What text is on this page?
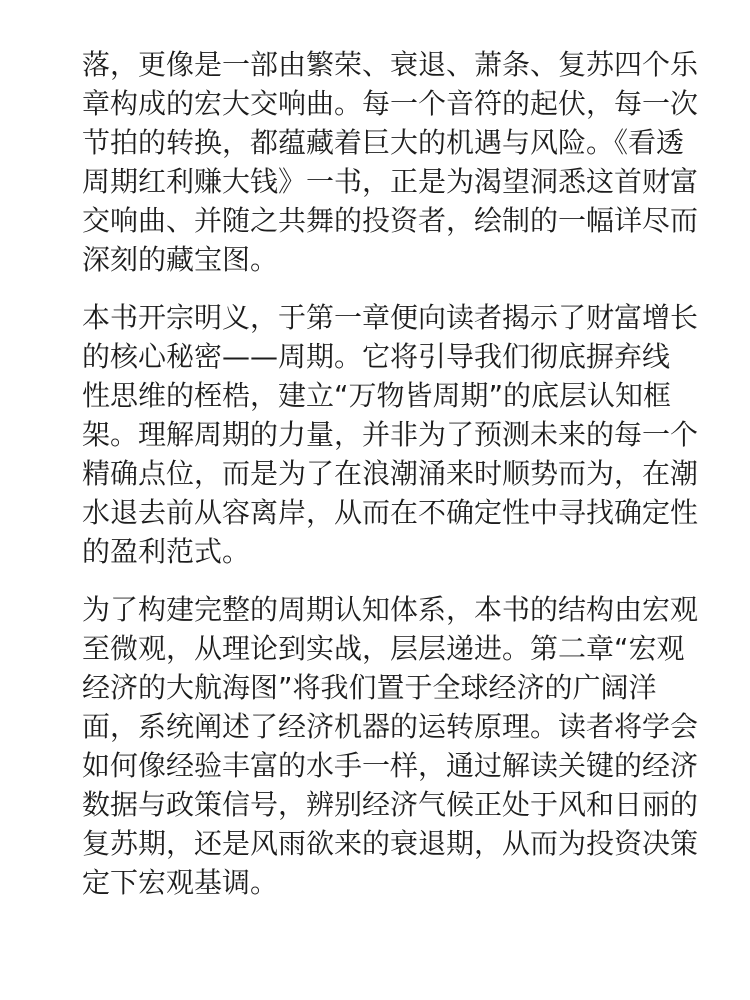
落，更像是一部由繁荣、衰退、萧条、复苏四个乐
章构成的宏大交响曲。每一个音符的起伏，每一次
节拍的转换，都蕴藏着巨大的机遇与风险。《看透
周期红利赚大钱》一书，正是为渴望洞悉这首财富
交响曲、并随之共舞的投资者，绘制的一幅详尽而
深刻的藏宝图。

本书开宗明义，于第一章便向读者揭示了财富增长
的核心秘密——周期。它将引导我们彻底摒弃线
性思维的桎梏，建立“万物皆周期”的底层认知框
架。理解周期的力量，并非为了预测未来的每一个
精确点位，而是为了在浪潮涌来时顺势而为，在潮
水退去前从容离岸，从而在不确定性中寻找确定性
的盈利范式。

为了构建完整的周期认知体系，本书的结构由宏观
至微观，从理论到实战，层层递进。第二章“宏观
经济的大航海图”将我们置于全球经济的广阔洋
面，系统阐述了经济机器的运转原理。读者将学会
如何像经验丰富的水手一样，通过解读关键的经济
数据与政策信号，辨别经济气候正处于风和日丽的
复苏期，还是风雨欲来的衰退期，从而为投资决策
定下宏观基调。
